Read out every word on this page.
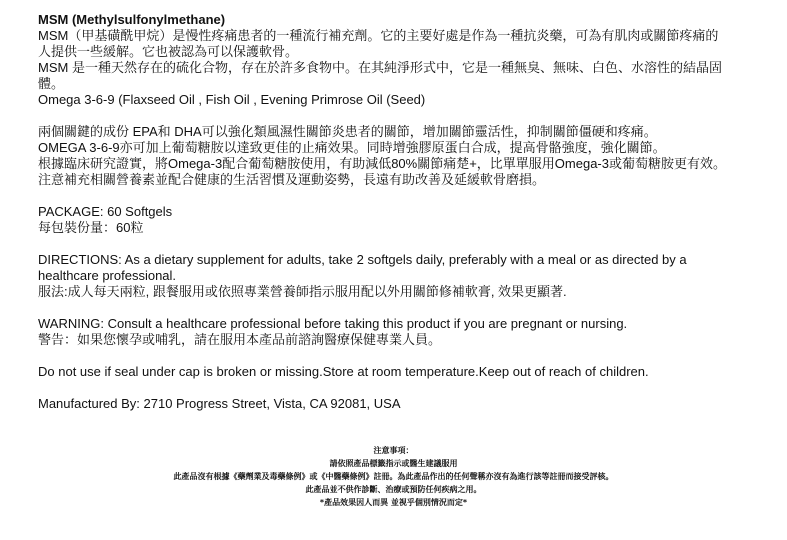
MSM (Methylsulfonylmethane)

MSM（甲基磺酰甲烷）是慢性疼痛患者的一種流行補充劑。它的主要好處是作為一種抗炎藥，可為有肌肉或關節疼痛的

人提供一些緩解。它也被認為可以保護軟骨。

MSM 是一種天然存在的硫化合物，存在於許多食物中。在其純淨形式中，它是一種無臭、無味、白色、水溶性的結晶固

體。

Omega 3-6-9 (Flaxseed Oil , Fish Oil , Evening Primrose Oil (Seed)

兩個關鍵的成份 EPA和 DHA可以強化類風濕性關節炎患者的關節，增加關節靈活性，抑制關節僵硬和疼痛。

OMEGA 3-6-9亦可加上葡萄糖胺以達致更佳的止痛效果。同時增強膠原蛋白合成，提高骨骼強度，強化關節。

根據臨床研究證實，將Omega-3配合葡萄糖胺使用，有助減低80%關節痛楚+，比單單服用Omega-3或葡萄糖胺更有效。

注意補充相關營養素並配合健康的生活習慣及運動姿勢，長遠有助改善及延緩軟骨磨損。

PACKAGE: 60 Softgels

每包裝份量：60粒

DIRECTIONS: As a dietary supplement for adults, take 2 softgels daily, preferably with a meal or as directed by a

healthcare professional.

服法:成人每天兩粒, 跟餐服用或依照專業營養師指示服用配以外用關節修補軟膏, 效果更顯著.

WARNING: Consult a healthcare professional before taking this product if you are pregnant or nursing.

警告：如果您懷孕或哺乳，請在服用本產品前諮詢醫療保健專業人員。

Do not use if seal under cap is broken or missing.Store at room temperature.Keep out of reach of children.

Manufactured By: 2710 Progress Street, Vista, CA 92081, USA

注意事項：

請依照產品標籤指示或醫生建議服用

此產品沒有根據《藥劑業及毒藥條例》或《中醫藥條例》註冊。為此產品作出的任何聲稱亦沒有為進行該等註冊而接受評核。

此產品並不供作診斷、治療或預防任何疾病之用。

*產品效果因人而異 並視乎個別情況而定*
